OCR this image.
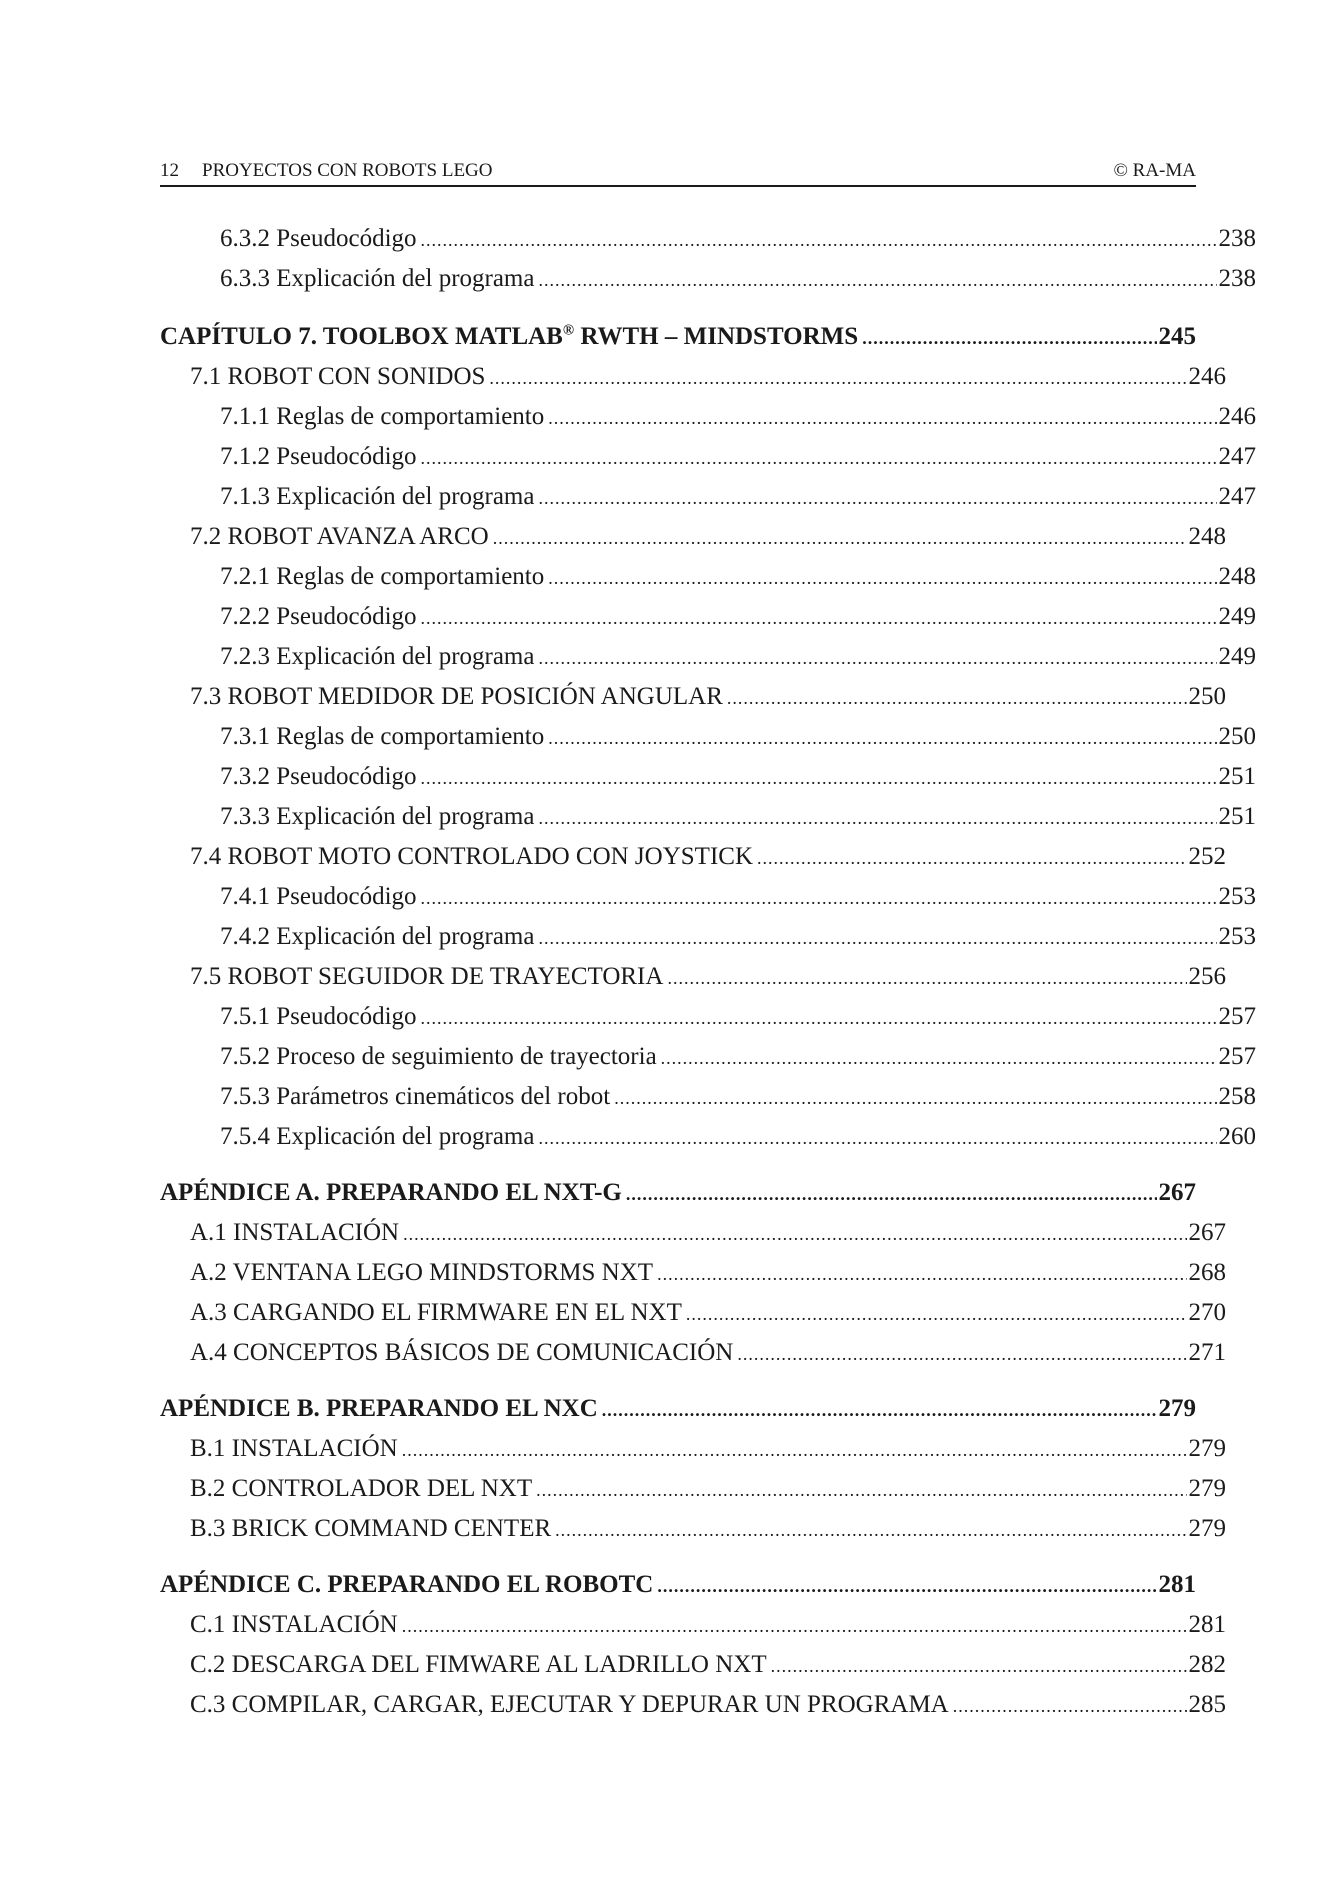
12 PROYECTOS CON ROBOTS LEGO	© RA-MA
6.3.2 Pseudocódigo .....	238
6.3.3 Explicación del programa .....	238
CAPÍTULO 7. TOOLBOX MATLAB® RWTH – MINDSTORMS .....	245
7.1 ROBOT CON SONIDOS .....	246
7.1.1 Reglas de comportamiento .....	246
7.1.2 Pseudocódigo .....	247
7.1.3 Explicación del programa .....	247
7.2 ROBOT AVANZA ARCO .....	248
7.2.1 Reglas de comportamiento .....	248
7.2.2 Pseudocódigo .....	249
7.2.3 Explicación del programa .....	249
7.3 ROBOT MEDIDOR DE POSICIÓN ANGULAR .....	250
7.3.1 Reglas de comportamiento .....	250
7.3.2 Pseudocódigo .....	251
7.3.3 Explicación del programa .....	251
7.4 ROBOT MOTO CONTROLADO CON JOYSTICK .....	252
7.4.1 Pseudocódigo .....	253
7.4.2 Explicación del programa .....	253
7.5 ROBOT SEGUIDOR DE TRAYECTORIA .....	256
7.5.1 Pseudocódigo .....	257
7.5.2 Proceso de seguimiento de trayectoria .....	257
7.5.3 Parámetros cinemáticos del robot .....	258
7.5.4 Explicación del programa .....	260
APÉNDICE A. PREPARANDO EL NXT-G .....	267
A.1 INSTALACIÓN .....	267
A.2 VENTANA LEGO MINDSTORMS NXT .....	268
A.3 CARGANDO EL FIRMWARE EN EL NXT .....	270
A.4 CONCEPTOS BÁSICOS DE COMUNICACIÓN .....	271
APÉNDICE B. PREPARANDO EL NXC .....	279
B.1 INSTALACIÓN .....	279
B.2 CONTROLADOR DEL NXT .....	279
B.3 BRICK COMMAND CENTER .....	279
APÉNDICE C. PREPARANDO EL ROBOTC .....	281
C.1 INSTALACIÓN .....	281
C.2 DESCARGA DEL FIMWARE AL LADRILLO NXT .....	282
C.3 COMPILAR, CARGAR, EJECUTAR Y DEPURAR UN PROGRAMA .....	285
